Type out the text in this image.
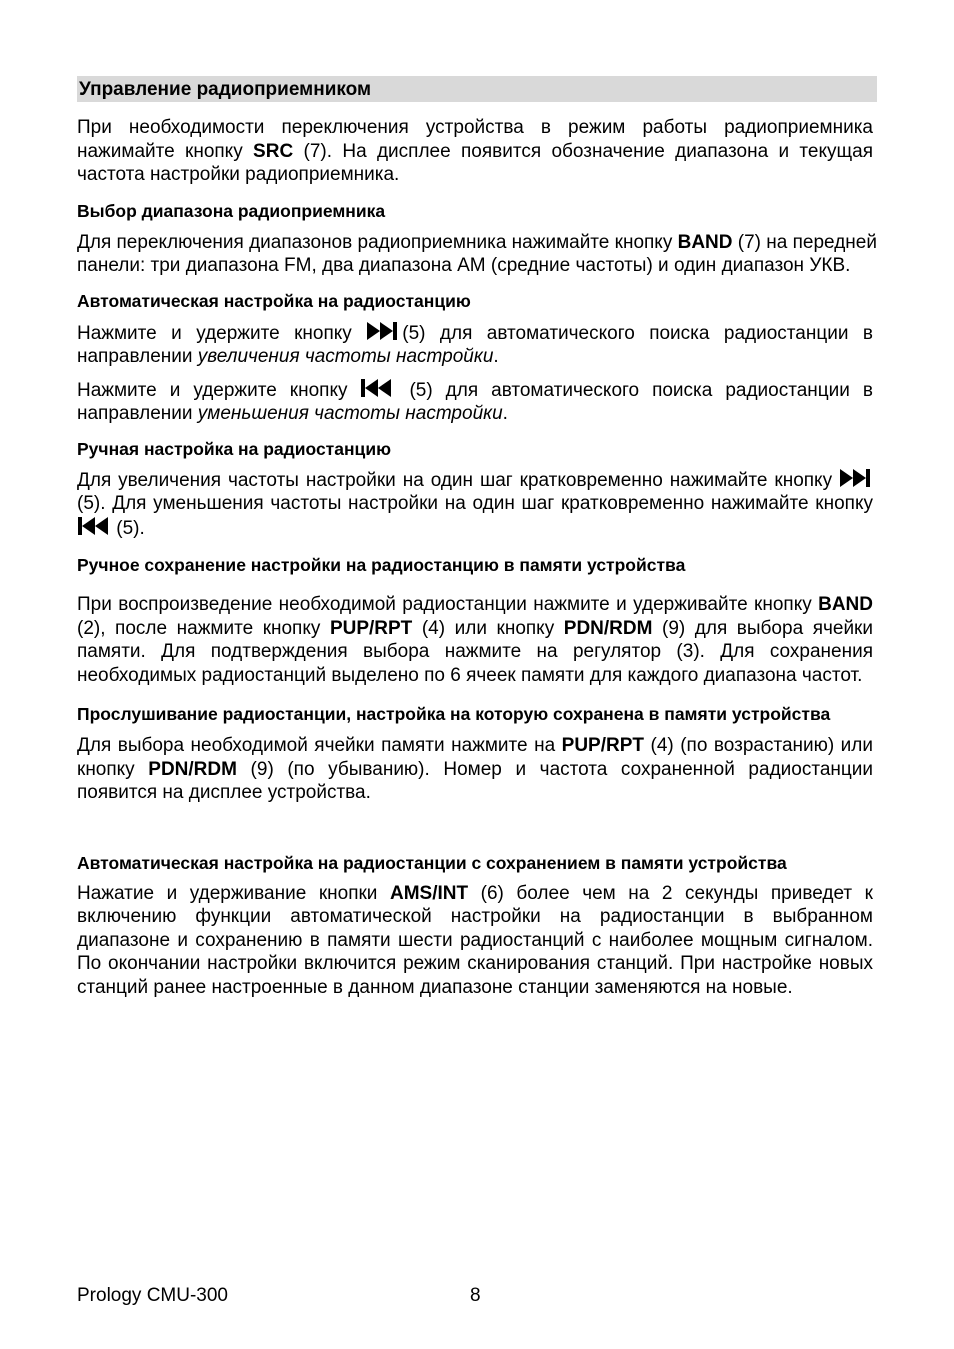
Управление радиоприемником

При необходимости переключения устройства в режим работы радиоприемника нажимайте кнопку SRC (7). На дисплее появится обозначение диапазона и текущая частота настройки радиоприемника.

Выбор диапазона радиоприемника

Для переключения диапазонов радиоприемника нажимайте кнопку BAND (7) на передней панели: три диапазона FM, два диапазона AM (средние частоты) и один диапазон УКВ.

Автоматическая настройка на радиостанцию

Нажмите и удержите кнопку
(5) для автоматического поиска радиостанции в направлении увеличения частоты настройки.

Нажмите и удержите кнопку
(5) для автоматического поиска радиостанции в направлении уменьшения частоты настройки.

Ручная настройка на радиостанцию

Для увеличения частоты настройки на один шаг кратковременно нажимайте кнопку
(5). Для уменьшения частоты настройки на один шаг кратковременно нажимайте кнопку
(5).

Ручное сохранение настройки на радиостанцию в памяти устройства

При воспроизведение необходимой радиостанции нажмите и удерживайте кнопку BAND (2), после нажмите кнопку PUP/RPT (4) или кнопку PDN/RDM (9) для выбора ячейки памяти. Для подтверждения выбора нажмите на регулятор (3). Для сохранения необходимых радиостанций выделено по 6 ячеек памяти для каждого диапазона частот.

Прослушивание радиостанции, настройка на которую сохранена в памяти устройства

Для выбора необходимой ячейки памяти нажмите на PUP/RPT (4) (по возрастанию) или кнопку PDN/RDM (9) (по убыванию). Номер и частота сохраненной радиостанции появится на дисплее устройства.

Автоматическая настройка на радиостанции с сохранением в памяти устройства

Нажатие и удерживание кнопки AMS/INT (6) более чем на 2 секунды приведет к включению функции автоматической настройки на радиостанции в выбранном диапазоне и сохранению в памяти шести радиостанций с наиболее мощным сигналом. По окончании настройки включится режим сканирования станций. При настройке новых станций ранее настроенные в данном диапазоне станции заменяются на новые.

Prology CMU-300	8
